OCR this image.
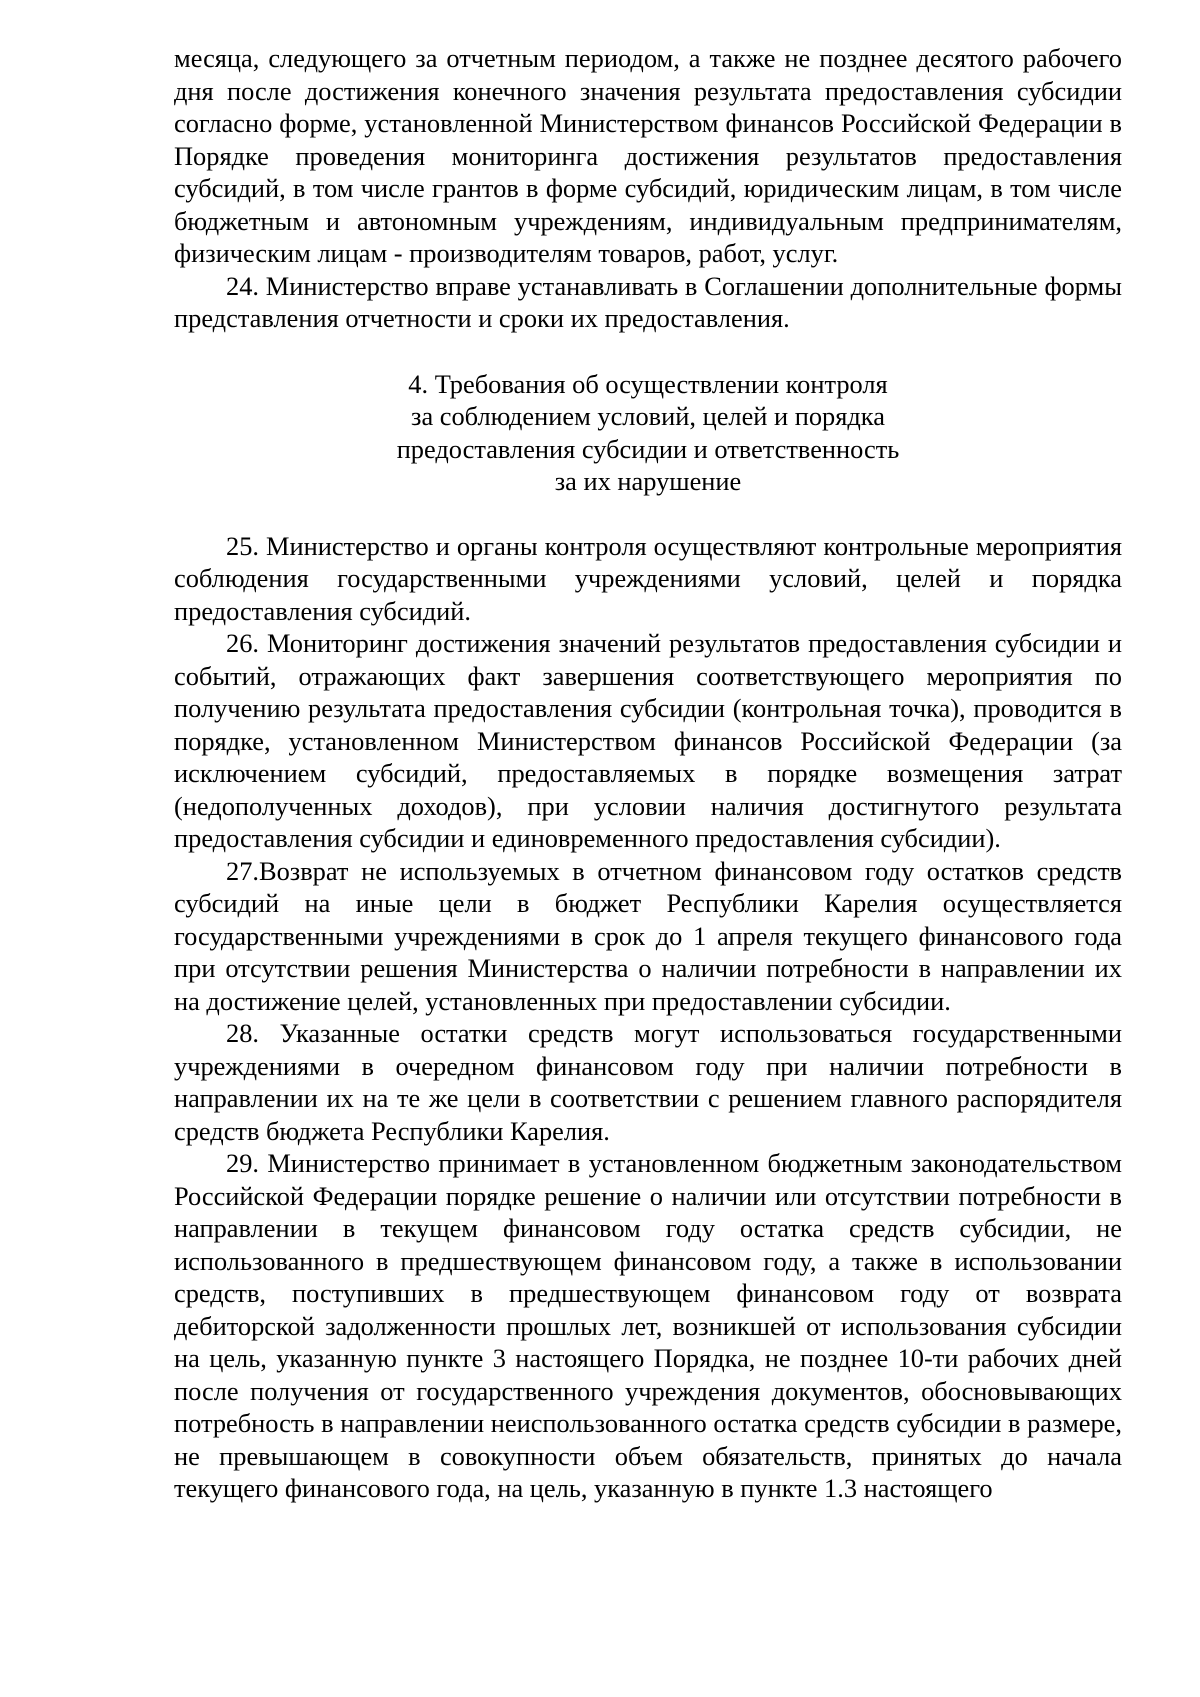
месяца, следующего за отчетным периодом, а также не позднее десятого рабочего дня после достижения конечного значения результата предоставления субсидии согласно форме, установленной Министерством финансов Российской Федерации в Порядке проведения мониторинга достижения результатов предоставления субсидий, в том числе грантов в форме субсидий, юридическим лицам, в том числе бюджетным и автономным учреждениям, индивидуальным предпринимателям, физическим лицам - производителям товаров, работ, услуг.

24. Министерство вправе устанавливать в Соглашении дополнительные формы представления отчетности и сроки их предоставления.

4. Требования об осуществлении контроля
за соблюдением условий, целей и порядка
предоставления субсидии и ответственность
за их нарушение

25. Министерство и органы контроля осуществляют контрольные мероприятия соблюдения государственными учреждениями условий, целей и порядка предоставления субсидий.

26. Мониторинг достижения значений результатов предоставления субсидии и событий, отражающих факт завершения соответствующего мероприятия по получению результата предоставления субсидии (контрольная точка), проводится в порядке, установленном Министерством финансов Российской Федерации (за исключением субсидий, предоставляемых в порядке возмещения затрат (недополученных доходов), при условии наличия достигнутого результата предоставления субсидии и единовременного предоставления субсидии).

27.Возврат не используемых в отчетном финансовом году остатков средств субсидий на иные цели в бюджет Республики Карелия осуществляется государственными учреждениями в срок до 1 апреля текущего финансового года при отсутствии решения Министерства о наличии потребности в направлении их на достижение целей, установленных при предоставлении субсидии.

28. Указанные остатки средств могут использоваться государственными учреждениями в очередном финансовом году при наличии потребности в направлении их на те же цели в соответствии с решением главного распорядителя средств бюджета Республики Карелия.

29. Министерство принимает в установленном бюджетным законодательством Российской Федерации порядке решение о наличии или отсутствии потребности в направлении в текущем финансовом году остатка средств субсидии, не использованного в предшествующем финансовом году, а также в использовании средств, поступивших в предшествующем финансовом году от возврата дебиторской задолженности прошлых лет, возникшей от использования субсидии на цель, указанную пункте 3 настоящего Порядка, не позднее 10-ти рабочих дней после получения от государственного учреждения документов, обосновывающих потребность в направлении неиспользованного остатка средств субсидии в размере, не превышающем в совокупности объем обязательств, принятых до начала текущего финансового года, на цель, указанную в пункте 1.3 настоящего
